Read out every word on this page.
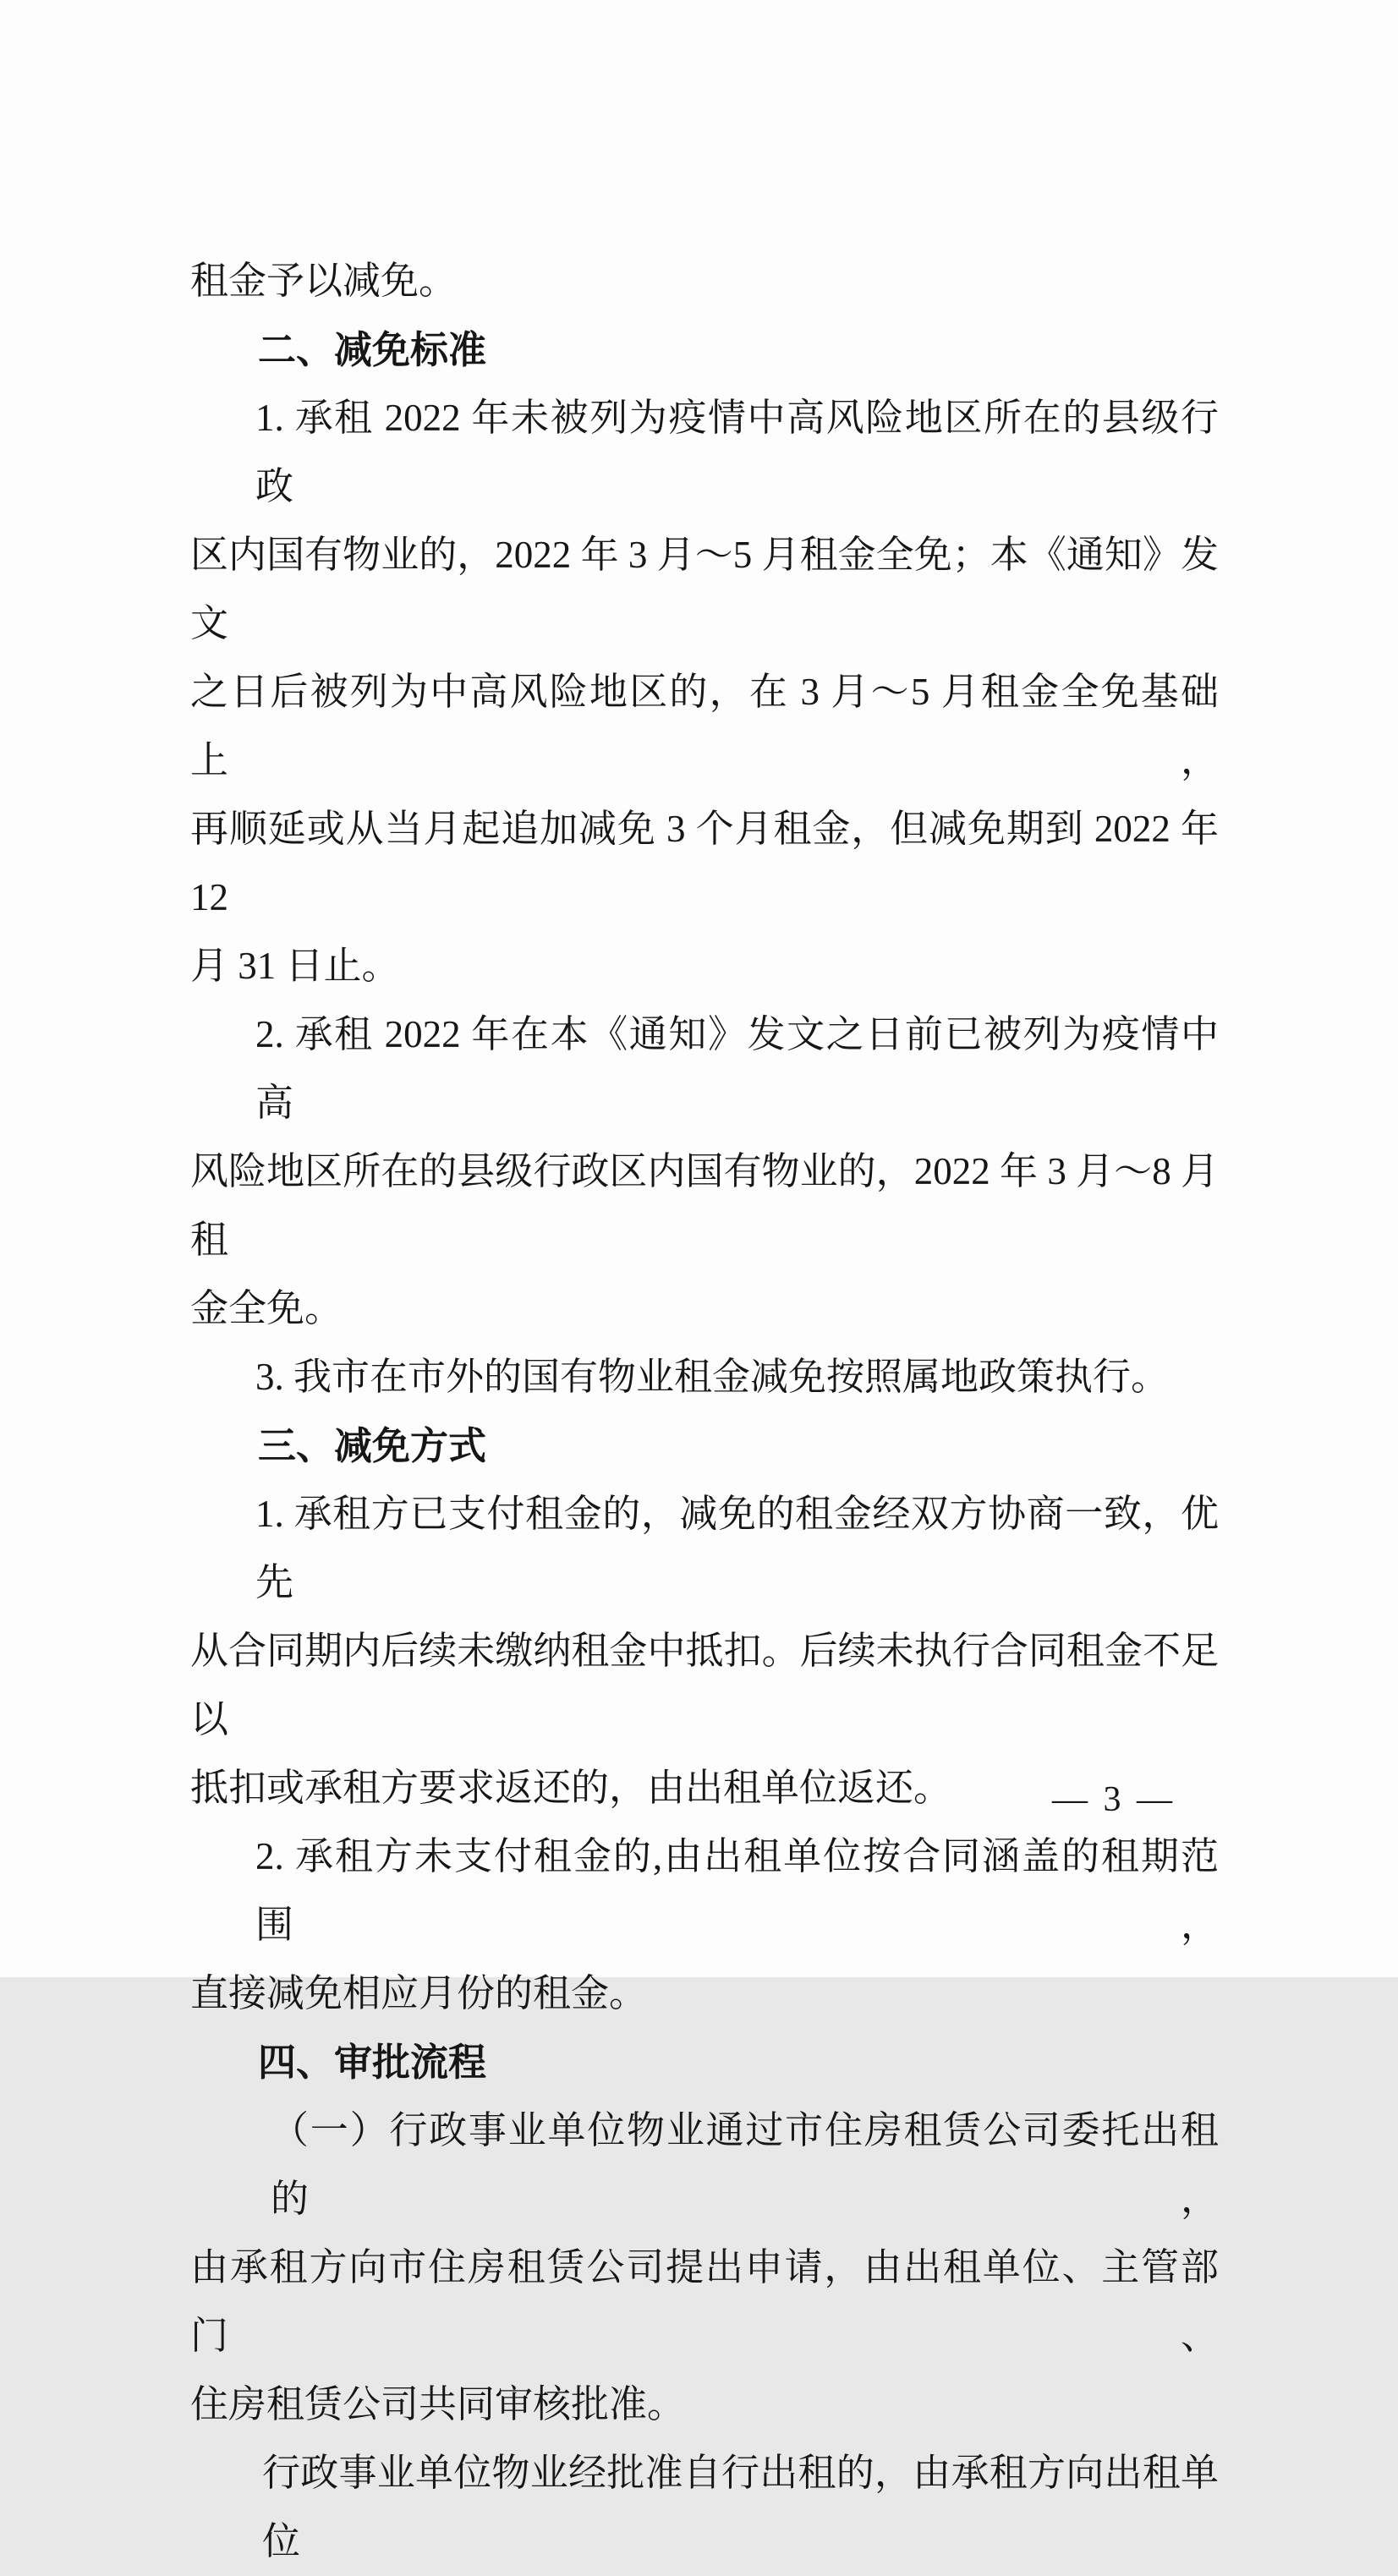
租金予以减免。
二、减免标准
1. 承租 2022 年未被列为疫情中高风险地区所在的县级行政
区内国有物业的，2022 年 3 月～5 月租金全免；本《通知》发文
之日后被列为中高风险地区的，在 3 月～5 月租金全免基础上，
再顺延或从当月起追加减免 3 个月租金，但减免期到 2022 年 12
月 31 日止。
2. 承租 2022 年在本《通知》发文之日前已被列为疫情中高
风险地区所在的县级行政区内国有物业的，2022 年 3 月～8 月租
金全免。
3. 我市在市外的国有物业租金减免按照属地政策执行。
三、减免方式
1. 承租方已支付租金的，减免的租金经双方协商一致，优先
从合同期内后续未缴纳租金中抵扣。后续未执行合同租金不足以
抵扣或承租方要求返还的，由出租单位返还。
2. 承租方未支付租金的,由出租单位按合同涵盖的租期范围，
直接减免相应月份的租金。
四、审批流程
（一）行政事业单位物业通过市住房租赁公司委托出租的，
由承租方向市住房租赁公司提出申请，由出租单位、主管部门、
住房租赁公司共同审核批准。
行政事业单位物业经批准自行出租的，由承租方向出租单位
— 3 —
